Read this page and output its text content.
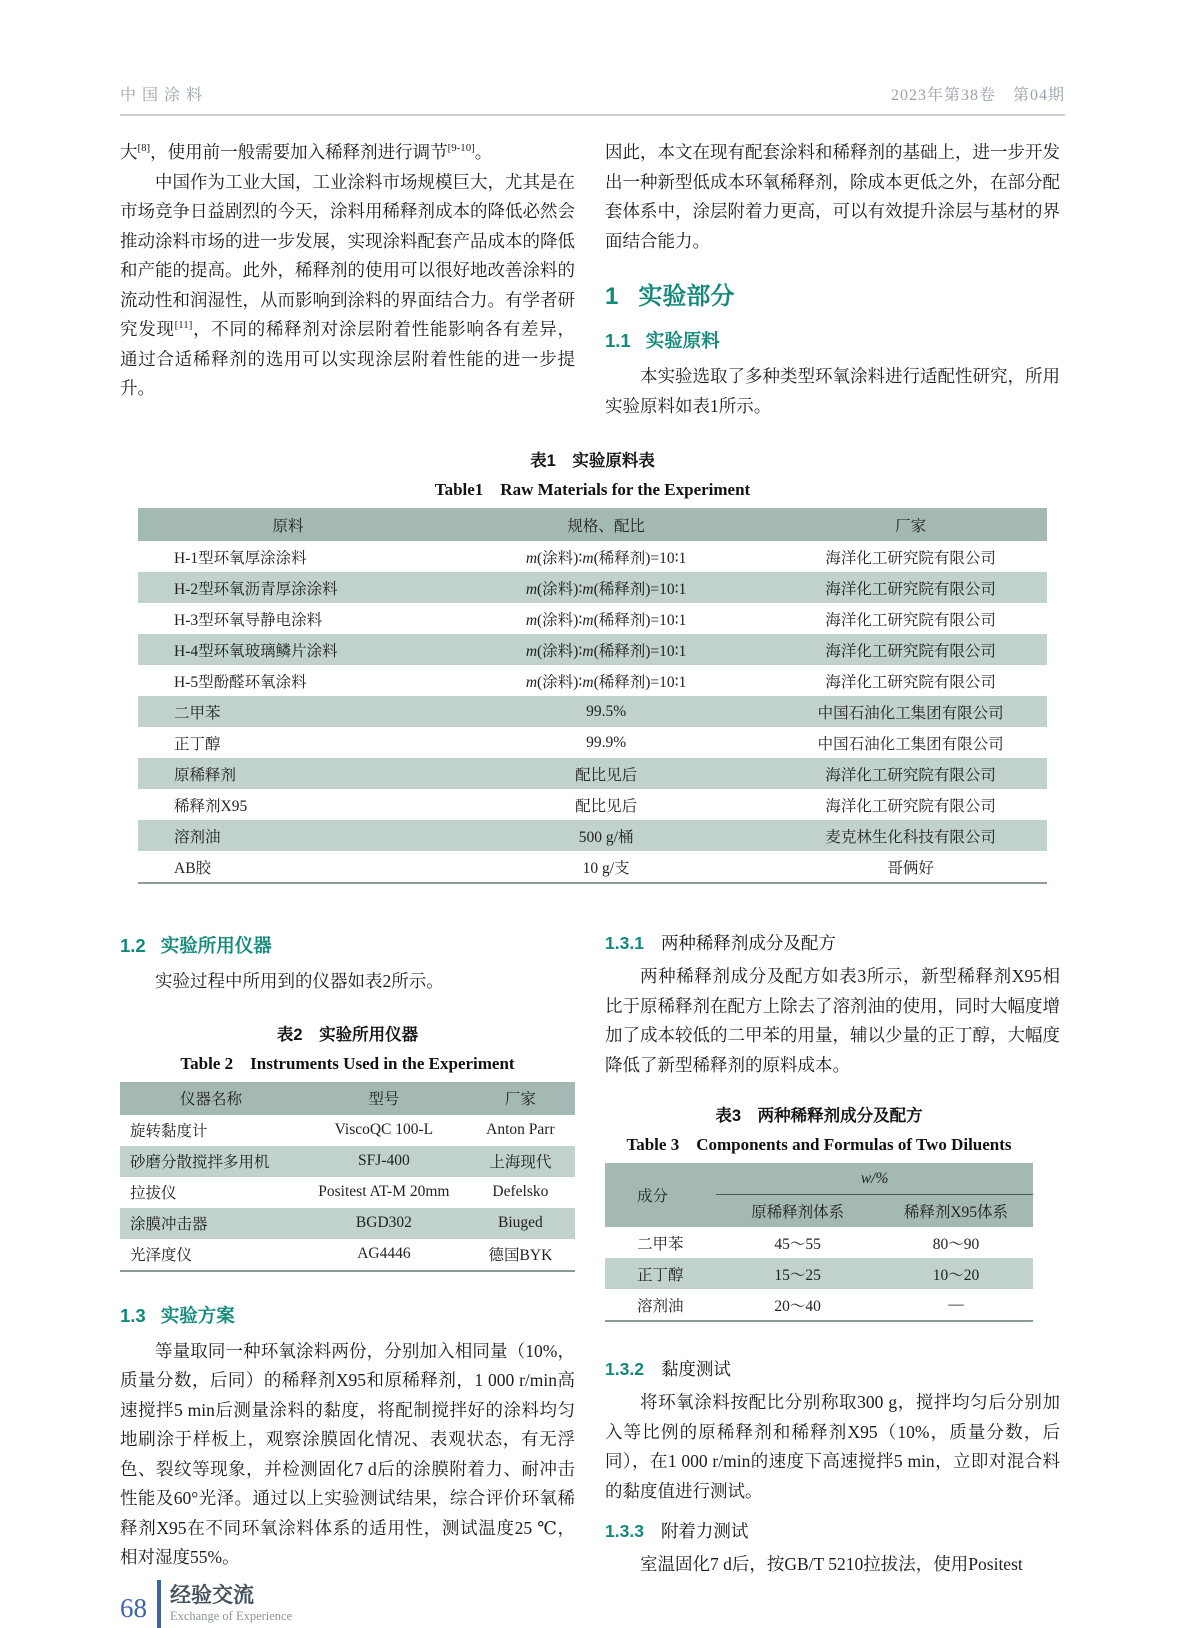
中国涂料	2023年第38卷　第04期

大[8]，使用前一般需要加入稀释剂进行调节[9-10]。

中国作为工业大国，工业涂料市场规模巨大，尤其是在市场竞争日益剧烈的今天，涂料用稀释剂成本的降低必然会推动涂料市场的进一步发展，实现涂料配套产品成本的降低和产能的提高。此外，稀释剂的使用可以很好地改善涂料的流动性和润湿性，从而影响到涂料的界面结合力。有学者研究发现[11]，不同的稀释剂对涂层附着性能影响各有差异，通过合适稀释剂的选用可以实现涂层附着性能的进一步提升。

因此，本文在现有配套涂料和稀释剂的基础上，进一步开发出一种新型低成本环氧稀释剂，除成本更低之外，在部分配套体系中，涂层附着力更高，可以有效提升涂层与基材的界面结合能力。

1 实验部分
1.1 实验原料

本实验选取了多种类型环氧涂料进行适配性研究，所用实验原料如表1所示。

表1　实验原料表
Table1　Raw Materials for the Experiment
原料	规格、配比	厂家
H-1型环氧厚涂涂料	m(涂料)∶m(稀释剂)=10∶1	海洋化工研究院有限公司
H-2型环氧沥青厚涂涂料	m(涂料)∶m(稀释剂)=10∶1	海洋化工研究院有限公司
H-3型环氧导静电涂料	m(涂料)∶m(稀释剂)=10∶1	海洋化工研究院有限公司
H-4型环氧玻璃鳞片涂料	m(涂料)∶m(稀释剂)=10∶1	海洋化工研究院有限公司
H-5型酚醛环氧涂料	m(涂料)∶m(稀释剂)=10∶1	海洋化工研究院有限公司
二甲苯	99.5%	中国石油化工集团有限公司
正丁醇	99.9%	中国石油化工集团有限公司
原稀释剂	配比见后	海洋化工研究院有限公司
稀释剂X95	配比见后	海洋化工研究院有限公司
溶剂油	500 g/桶	麦克林生化科技有限公司
AB胶	10 g/支	哥俩好
1.2 实验所用仪器

实验过程中所用到的仪器如表2所示。

表2　实验所用仪器
Table 2　Instruments Used in the Experiment
仪器名称	型号	厂家
旋转黏度计	ViscoQC 100-L	Anton Parr
砂磨分散搅拌多用机	SFJ-400	上海现代
拉拔仪	Positest AT-M 20mm	Defelsko
涂膜冲击器	BGD302	Biuged
光泽度仪	AG4446	德国BYK
1.3 实验方案

等量取同一种环氧涂料两份，分别加入相同量（10%，质量分数，后同）的稀释剂X95和原稀释剂，1 000 r/min高速搅拌5 min后测量涂料的黏度，将配制搅拌好的涂料均匀地刷涂于样板上，观察涂膜固化情况、表观状态，有无浮色、裂纹等现象，并检测固化7 d后的涂膜附着力、耐冲击性能及60°光泽。通过以上实验测试结果，综合评价环氧稀释剂X95在不同环氧涂料体系的适用性，测试温度25 ℃，相对湿度55%。

1.3.1 两种稀释剂成分及配方

两种稀释剂成分及配方如表3所示，新型稀释剂X95相比于原稀释剂在配方上除去了溶剂油的使用，同时大幅度增加了成本较低的二甲苯的用量，辅以少量的正丁醇，大幅度降低了新型稀释剂的原料成本。

表3　两种稀释剂成分及配方
Table 3　Components and Formulas of Two Diluents
成分	w/%	
	原稀释剂体系	稀释剂X95体系
二甲苯	45～55	80～90
正丁醇	15～25	10～20
溶剂油	20～40	—
1.3.2 黏度测试

将环氧涂料按配比分别称取300 g，搅拌均匀后分别加入等比例的原稀释剂和稀释剂X95（10%，质量分数，后同），在1 000 r/min的速度下高速搅拌5 min，立即对混合料的黏度值进行测试。

1.3.3 附着力测试

室温固化7 d后，按GB/T 5210拉拔法，使用Positest

68 经验交流
Exchange of Experience
